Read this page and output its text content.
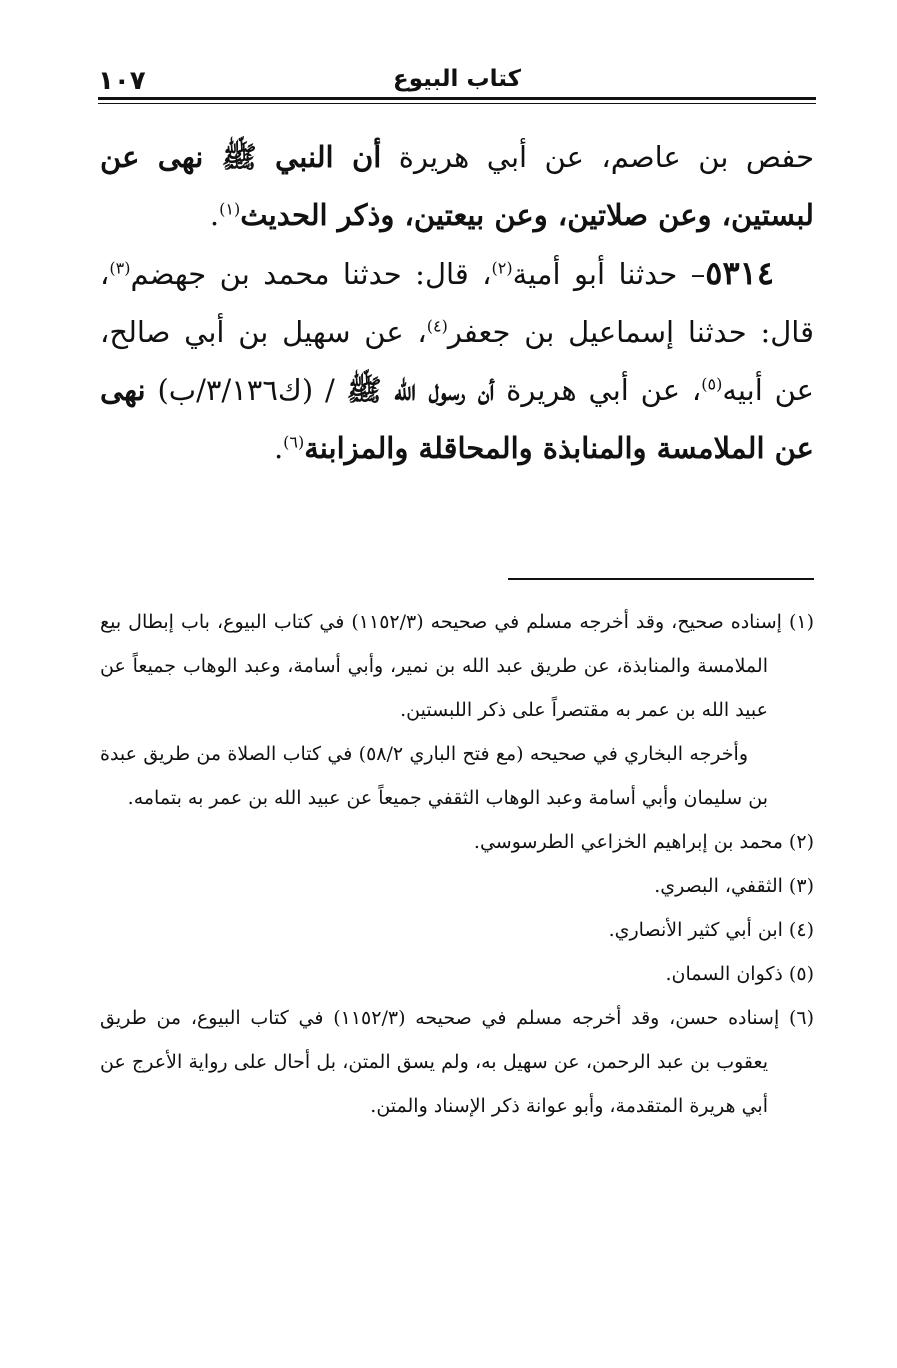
١٠٧	كتاب البيوع

حفص بن عاصم، عن أبي هريرة أن النبي ﷺ نهى عن لبستين، وعن صلاتين، وعن بيعتين، وذكر الحديث$^{(١)}$.

٥٣١٤– حدثنا أبو أمية$^{(٢)}$، قال: حدثنا محمد بن جهضم$^{(٣)}$، قال: حدثنا إسماعيل بن جعفر$^{(٤)}$، عن سهيل بن أبي صالح، عن أبيه$^{(٥)}$، عن أبي هريرة أن رسول الله ﷺ / (ك٣/١٣٦/ب) نهى عن الملامسة والمنابذة والمحاقلة والمزابنة$^{(٦)}$.

(١) إسناده صحيح، وقد أخرجه مسلم في صحيحه (١١٥٢/٣) في كتاب البيوع، باب إبطال بيع الملامسة والمنابذة، عن طريق عبد الله بن نمير، وأبي أسامة، وعبد الوهاب جميعاً عن عبيد الله بن عمر به مقتصراً على ذكر اللبستين.

وأخرجه البخاري في صحيحه (مع فتح الباري ٥٨/٢) في كتاب الصلاة من طريق عبدة بن سليمان وأبي أسامة وعبد الوهاب الثقفي جميعاً عن عبيد الله بن عمر به بتمامه.

(٢) محمد بن إبراهيم الخزاعي الطرسوسي.

(٣) الثقفي، البصري.

(٤) ابن أبي كثير الأنصاري.

(٥) ذكوان السمان.

(٦) إسناده حسن، وقد أخرجه مسلم في صحيحه (١١٥٢/٣) في كتاب البيوع، من طريق يعقوب بن عبد الرحمن، عن سهيل به، ولم يسق المتن، بل أحال على رواية الأعرج عن أبي هريرة المتقدمة، وأبو عوانة ذكر الإسناد والمتن.
